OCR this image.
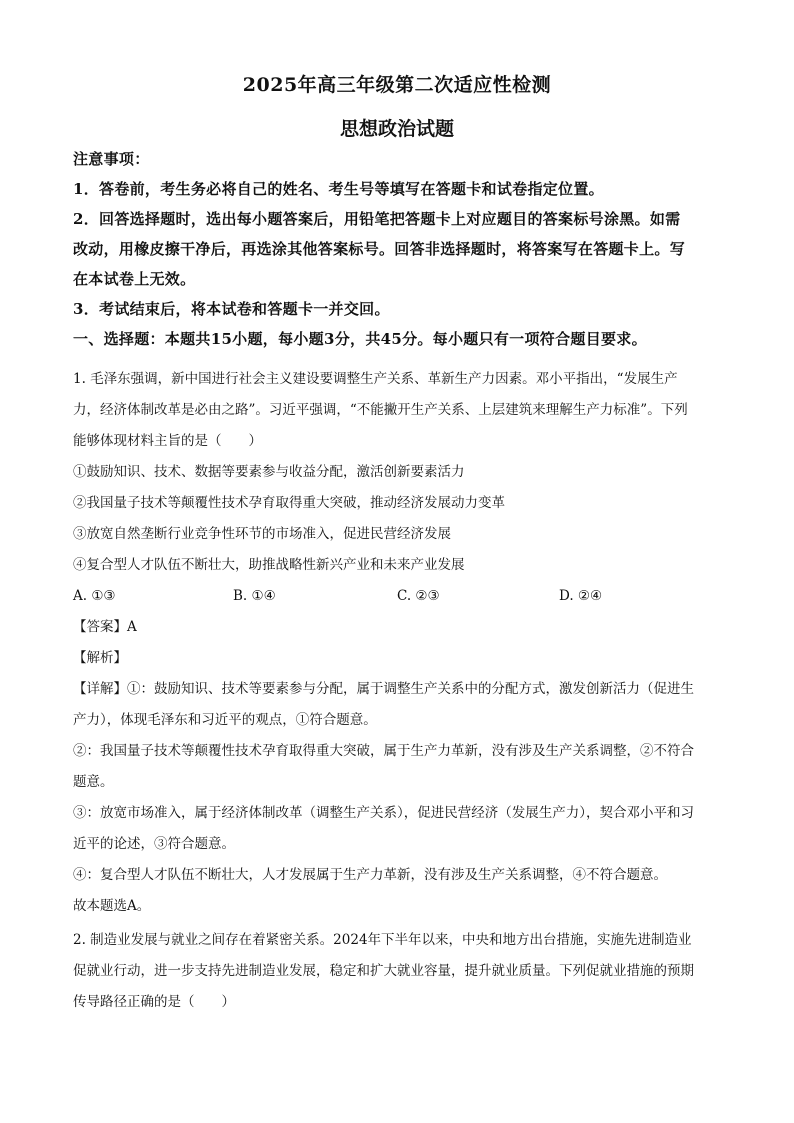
2025年高三年级第二次适应性检测
思想政治试题
注意事项：
1．答卷前，考生务必将自己的姓名、考生号等填写在答题卡和试卷指定位置。
2．回答选择题时，选出每小题答案后，用铅笔把答题卡上对应题目的答案标号涂黑。如需
改动，用橡皮擦干净后，再选涂其他答案标号。回答非选择题时，将答案写在答题卡上。写
在本试卷上无效。
3．考试结束后，将本试卷和答题卡一并交回。
一、选择题：本题共15小题，每小题3分，共45分。每小题只有一项符合题目要求。
1. 毛泽东强调，新中国进行社会主义建设要调整生产关系、革新生产力因素。邓小平指出，“发展生产
力，经济体制改革是必由之路”。习近平强调，“不能撇开生产关系、上层建筑来理解生产力标准”。下列
能够体现材料主旨的是（　　）
①鼓励知识、技术、数据等要素参与收益分配，激活创新要素活力
②我国量子技术等颠覆性技术孕育取得重大突破，推动经济发展动力变革
③放宽自然垄断行业竞争性环节的市场准入，促进民营经济发展
④复合型人才队伍不断壮大，助推战略性新兴产业和未来产业发展
A. ①③	B. ①④	C. ②③	D. ②④
【答案】A
【解析】
【详解】①：鼓励知识、技术等要素参与分配，属于调整生产关系中的分配方式，激发创新活力（促进生
产力），体现毛泽东和习近平的观点，①符合题意。
②：我国量子技术等颠覆性技术孕育取得重大突破，属于生产力革新，没有涉及生产关系调整，②不符合
题意。
③：放宽市场准入，属于经济体制改革（调整生产关系），促进民营经济（发展生产力），契合邓小平和习
近平的论述，③符合题意。
④：复合型人才队伍不断壮大，人才发展属于生产力革新，没有涉及生产关系调整，④不符合题意。
故本题选A。
2. 制造业发展与就业之间存在着紧密关系。2024年下半年以来，中央和地方出台措施，实施先进制造业
促就业行动，进一步支持先进制造业发展，稳定和扩大就业容量，提升就业质量。下列促就业措施的预期
传导路径正确的是（　　）
